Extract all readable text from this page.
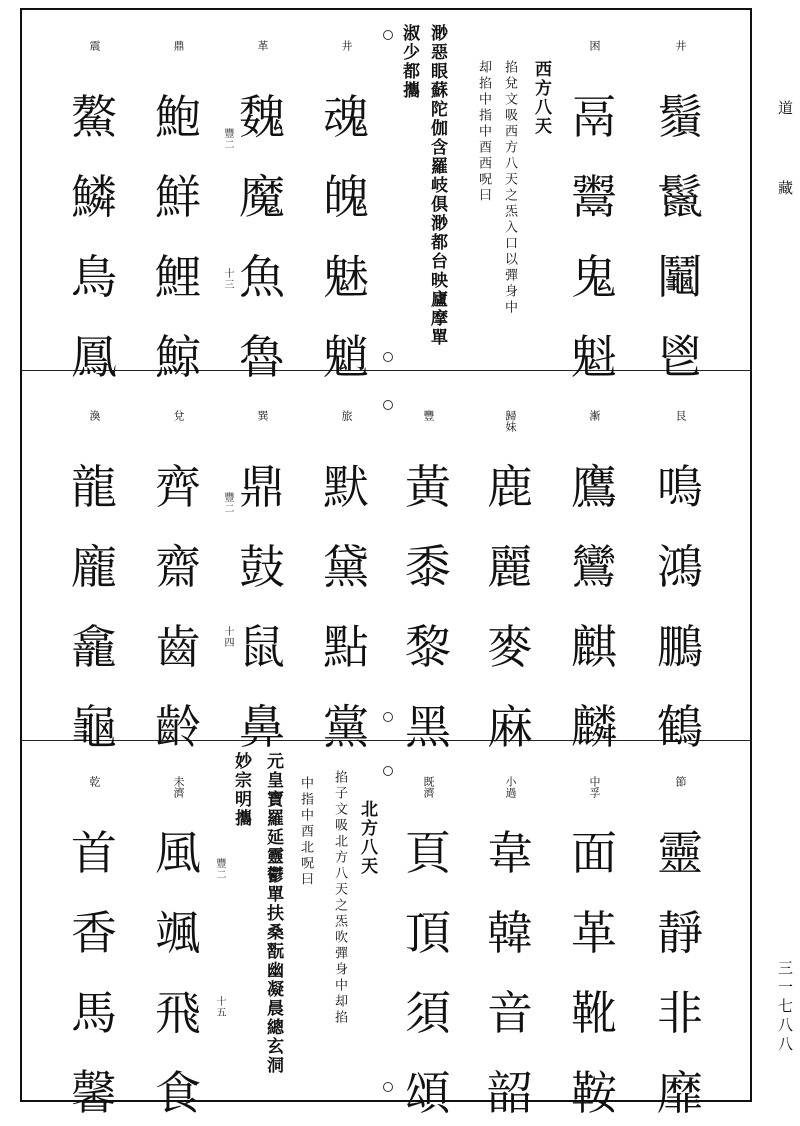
道
藏
三一七八八
井
鬚
鬣
鬮
鬯
困
鬲
鬻
鬼
魁
西方八天
掐兌文吸西方八天之炁入口以彈身中
却掐中指中酉西呪曰
渺惡眼蘇陀伽含羅岐俱渺都台映廬摩單
淑少都攜
井
魂
魄
魅
魈
革
魏
魔
魚
魯
豐二
十三
鼎
鮑
鮮
鯉
鯨
震
鰲
鱗
鳥
鳳
艮
鳴
鴻
鵬
鶴
漸
鷹
鸞
麒
麟
歸妹
鹿
麗
麥
麻
豐
黃
黍
黎
黑
旅
默
黛
點
黨
巽
鼎
鼓
鼠
鼻
豐二
十四
兌
齊
齋
齒
齡
渙
龍
龐
龕
龜
節
靈
靜
非
靡
中孚
面
革
靴
鞍
小過
韋
韓
音
韶
既濟
頁
頂
須
頌
北方八天
掐子文吸北方八天之炁吹彈身中却掐
中指中酉北呪曰
元皇寶羅延靈鬱單扶桑翫幽凝晨總玄洞
妙宗明攜
豐二
十五
未濟
風
颯
飛
食
乾
首
香
馬
馨
